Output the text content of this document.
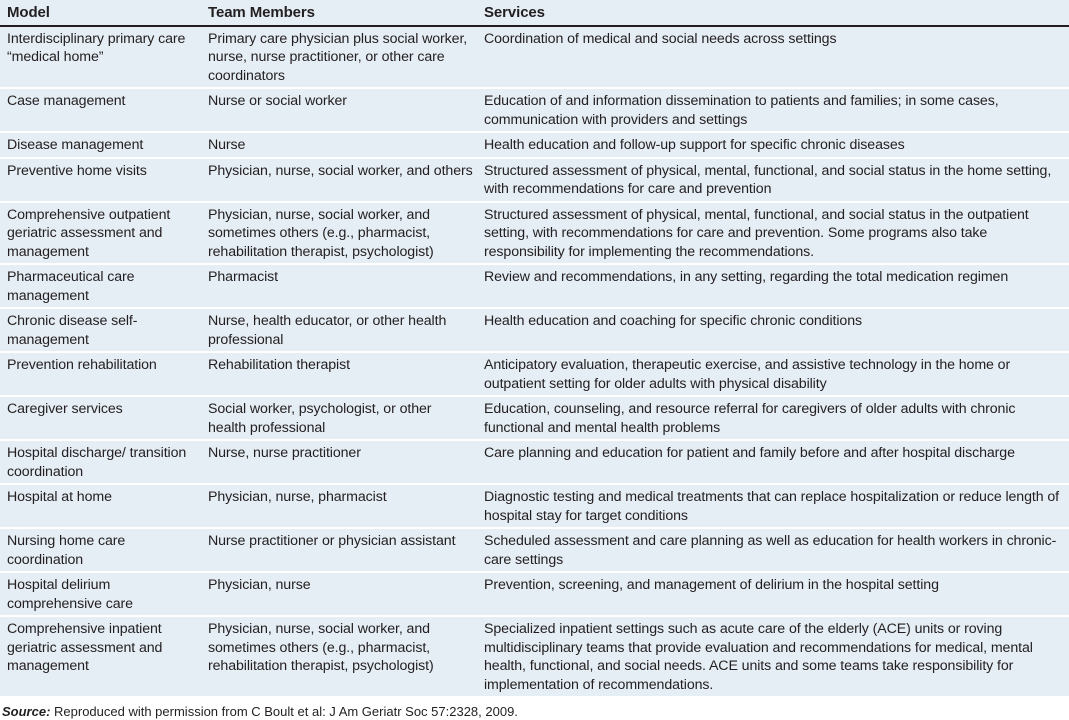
Model	Team Members	Services
Interdisciplinary primary care “medical home”	Primary care physician plus social worker, nurse, nurse practitioner, or other care coordinators	Coordination of medical and social needs across settings
Case management	Nurse or social worker	Education of and information dissemination to patients and families; in some cases, communication with providers and settings
Disease management	Nurse	Health education and follow-up support for specific chronic diseases
Preventive home visits	Physician, nurse, social worker, and others	Structured assessment of physical, mental, functional, and social status in the home setting, with recommendations for care and prevention
Comprehensive outpatient geriatric assessment and management	Physician, nurse, social worker, and sometimes others (e.g., pharmacist, rehabilitation therapist, psychologist)	Structured assessment of physical, mental, functional, and social status in the outpatient setting, with recommendations for care and prevention. Some programs also take responsibility for implementing the recommendations.
Pharmaceutical care management	Pharmacist	Review and recommendations, in any setting, regarding the total medication regimen
Chronic disease self-management	Nurse, health educator, or other health professional	Health education and coaching for specific chronic conditions
Prevention rehabilitation	Rehabilitation therapist	Anticipatory evaluation, therapeutic exercise, and assistive technology in the home or outpatient setting for older adults with physical disability
Caregiver services	Social worker, psychologist, or other health professional	Education, counseling, and resource referral for caregivers of older adults with chronic functional and mental health problems
Hospital discharge/ transition coordination	Nurse, nurse practitioner	Care planning and education for patient and family before and after hospital discharge
Hospital at home	Physician, nurse, pharmacist	Diagnostic testing and medical treatments that can replace hospitalization or reduce length of hospital stay for target conditions
Nursing home care coordination	Nurse practitioner or physician assistant	Scheduled assessment and care planning as well as education for health workers in chronic-care settings
Hospital delirium comprehensive care	Physician, nurse	Prevention, screening, and management of delirium in the hospital setting
Comprehensive inpatient geriatric assessment and management	Physician, nurse, social worker, and sometimes others (e.g., pharmacist, rehabilitation therapist, psychologist)	Specialized inpatient settings such as acute care of the elderly (ACE) units or roving multidisciplinary teams that provide evaluation and recommendations for medical, mental health, functional, and social needs. ACE units and some teams take responsibility for implementation of recommendations.
Source: Reproduced with permission from C Boult et al: J Am Geriatr Soc 57:2328, 2009.
